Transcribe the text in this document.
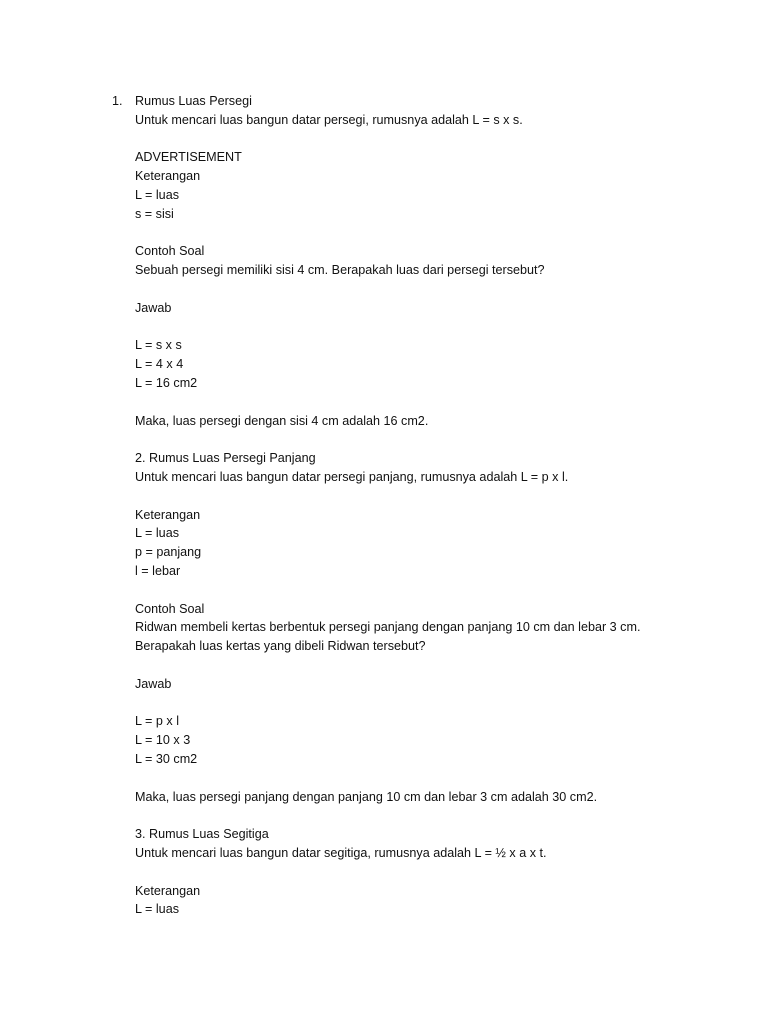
1. Rumus Luas Persegi
Untuk mencari luas bangun datar persegi, rumusnya adalah L = s x s.
ADVERTISEMENT
Keterangan
L = luas
s = sisi
Contoh Soal
Sebuah persegi memiliki sisi 4 cm. Berapakah luas dari persegi tersebut?
Jawab
L = s x s
L = 4 x 4
L = 16 cm2
Maka, luas persegi dengan sisi 4 cm adalah 16 cm2.
2. Rumus Luas Persegi Panjang
Untuk mencari luas bangun datar persegi panjang, rumusnya adalah L = p x l.
Keterangan
L = luas
p = panjang
l = lebar
Contoh Soal
Ridwan membeli kertas berbentuk persegi panjang dengan panjang 10 cm dan lebar 3 cm.
Berapakah luas kertas yang dibeli Ridwan tersebut?
Jawab
L = p x l
L = 10 x 3
L = 30 cm2
Maka, luas persegi panjang dengan panjang 10 cm dan lebar 3 cm adalah 30 cm2.
3. Rumus Luas Segitiga
Untuk mencari luas bangun datar segitiga, rumusnya adalah L = ½ x a x t.
Keterangan
L = luas
